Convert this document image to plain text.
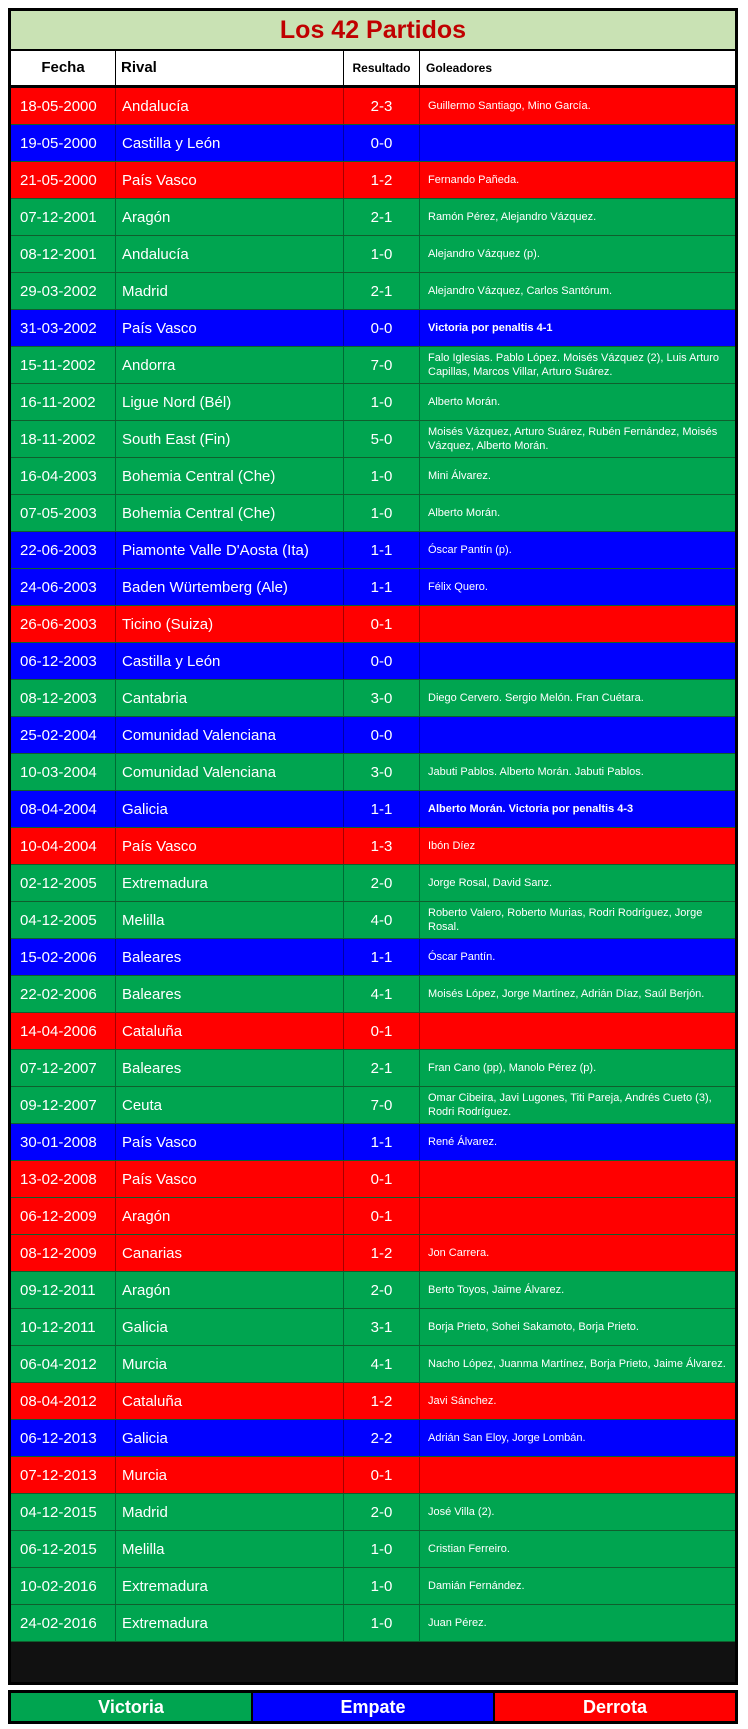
Los 42 Partidos
Fecha	Rival	Resultado	Goleadores
18-05-2000	Andalucía	2-3	Guillermo Santiago, Mino García.
19-05-2000	Castilla y León	0-0
21-05-2000	País Vasco	1-2	Fernando Pañeda.
07-12-2001	Aragón	2-1	Ramón Pérez, Alejandro Vázquez.
08-12-2001	Andalucía	1-0	Alejandro Vázquez (p).
29-03-2002	Madrid	2-1	Alejandro Vázquez, Carlos Santórum.
31-03-2002	País Vasco	0-0	Victoria por penaltis 4-1
15-11-2002	Andorra	7-0	Falo Iglesias. Pablo López. Moisés Vázquez (2), Luis Arturo Capillas, Marcos Villar, Arturo Suárez.
16-11-2002	Ligue Nord (Bél)	1-0	Alberto Morán.
18-11-2002	South East (Fin)	5-0	Moisés Vázquez, Arturo Suárez, Rubén Fernández, Moisés Vázquez, Alberto Morán.
16-04-2003	Bohemia Central (Che)	1-0	Mini Álvarez.
07-05-2003	Bohemia Central (Che)	1-0	Alberto Morán.
22-06-2003	Piamonte Valle D'Aosta (Ita)	1-1	Óscar Pantín (p).
24-06-2003	Baden Würtemberg (Ale)	1-1	Félix Quero.
26-06-2003	Ticino (Suiza)	0-1
06-12-2003	Castilla y León	0-0
08-12-2003	Cantabria	3-0	Diego Cervero. Sergio Melón. Fran Cuétara.
25-02-2004	Comunidad Valenciana	0-0
10-03-2004	Comunidad Valenciana	3-0	Jabuti Pablos. Alberto Morán. Jabuti Pablos.
08-04-2004	Galicia	1-1	Alberto Morán. Victoria por penaltis 4-3
10-04-2004	País Vasco	1-3	Ibón Díez
02-12-2005	Extremadura	2-0	Jorge Rosal, David Sanz.
04-12-2005	Melilla	4-0	Roberto Valero, Roberto Murias, Rodri Rodríguez, Jorge Rosal.
15-02-2006	Baleares	1-1	Óscar Pantín.
22-02-2006	Baleares	4-1	Moisés López, Jorge Martínez, Adrián Díaz, Saúl Berjón.
14-04-2006	Cataluña	0-1
07-12-2007	Baleares	2-1	Fran Cano (pp), Manolo Pérez (p).
09-12-2007	Ceuta	7-0	Omar Cibeira, Javi Lugones, Titi Pareja, Andrés Cueto (3), Rodri Rodríguez.
30-01-2008	País Vasco	1-1	René Álvarez.
13-02-2008	País Vasco	0-1
06-12-2009	Aragón	0-1
08-12-2009	Canarias	1-2	Jon Carrera.
09-12-2011	Aragón	2-0	Berto Toyos, Jaime Álvarez.
10-12-2011	Galicia	3-1	Borja Prieto, Sohei Sakamoto, Borja Prieto.
06-04-2012	Murcia	4-1	Nacho López, Juanma Martínez, Borja Prieto, Jaime Álvarez.
08-04-2012	Cataluña	1-2	Javi Sánchez.
06-12-2013	Galicia	2-2	Adrián San Eloy, Jorge Lombán.
07-12-2013	Murcia	0-1
04-12-2015	Madrid	2-0	José Villa (2).
06-12-2015	Melilla	1-0	Cristian Ferreiro.
10-02-2016	Extremadura	1-0	Damián Fernández.
24-02-2016	Extremadura	1-0	Juan Pérez.
Victoria	Empate	Derrota
